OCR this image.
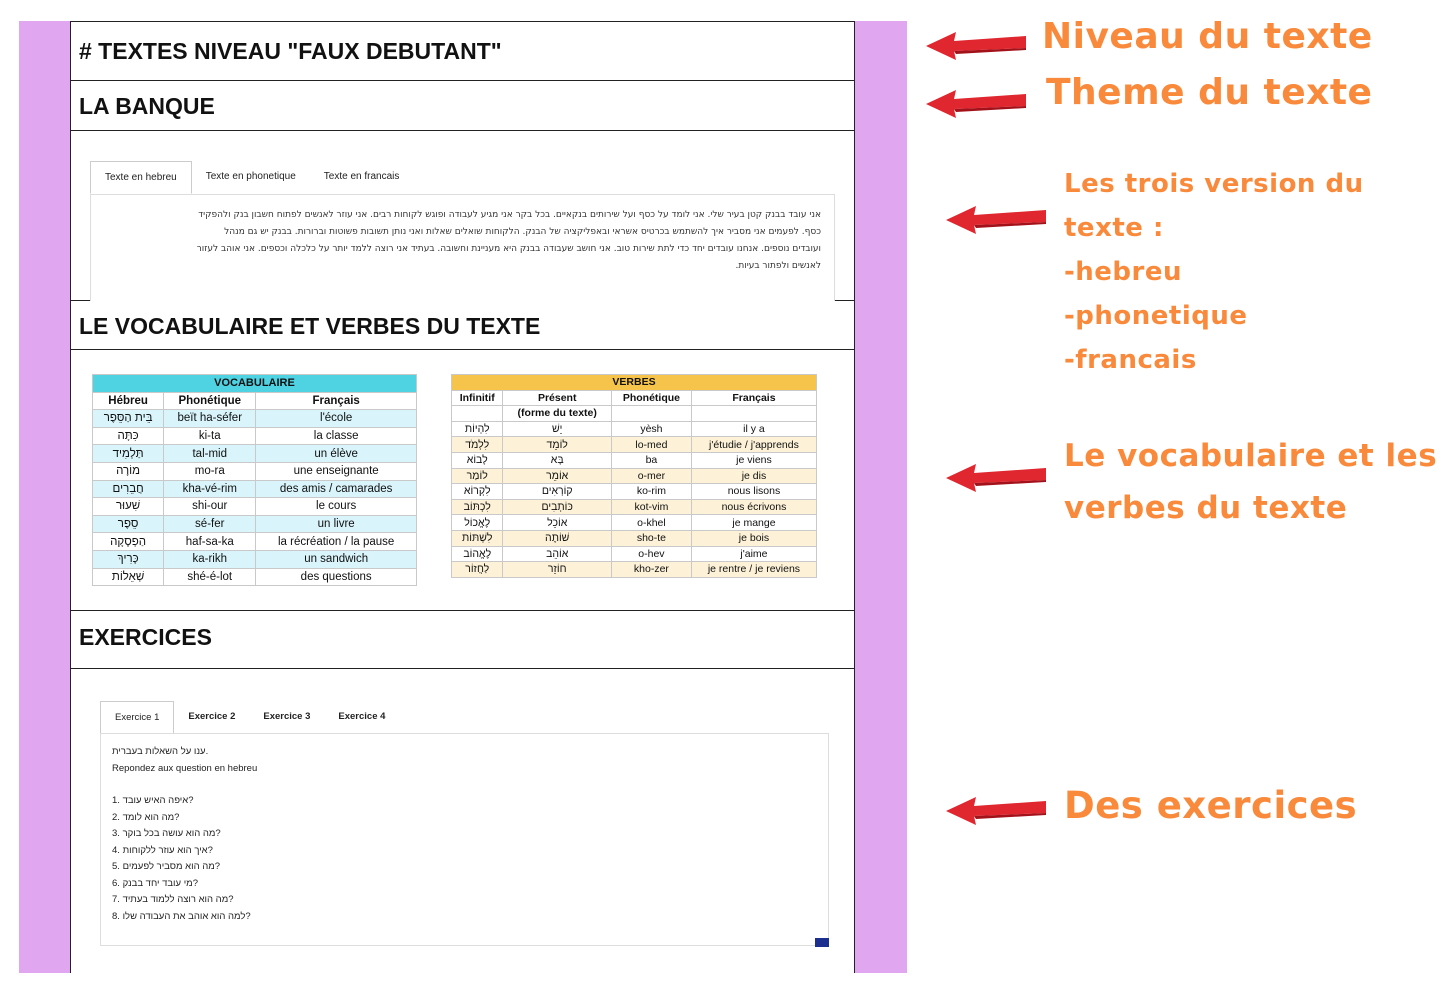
# TEXTES NIVEAU "FAUX DEBUTANT"
LA BANQUE
Texte en hebreu	Texte en phonetique	Texte en francais
אני עובד בבנק קטן בעיר שלי. אני לומד על כסף ועל שירותים בנקאיים. בכל בקר אני מגיע לעבודה ופוגש לקוחות רבים. אני עוזר לאנשים לפתוח חשבון בנק ולהפקיד
כסף. לפעמים אני מסביר איך להשתמש בכרטיס אשראי ובאפליקציה של הבנק. הלקוחות שואלים שאלות ואני נותן תשובות פשוטות וברורות. בבנק יש גם מנהל
ועובדים נוספים. אנחנו עובדים יחד כדי לתת שירות טוב. אני חושב שעבודה בבנק היא מעניינת וחשובה. בעתיד אני רוצה ללמד יותר על כלכלה וכספים. אני אוהב לעזור
לאנשים ולפתור בעיות.
LE VOCABULAIRE ET VERBES DU TEXTE
VOCABULAIRE		
Hébreu	Phonétique	Français
בֵּית הַסֵּפֶר	beït ha-séfer	l'école
כִּתָּה	ki-ta	la classe
תַּלְמִיד	tal-mid	un élève
מוֹרָה	mo-ra	une enseignante
חֲבֵרִים	kha-vé-rim	des amis / camarades
שִׁעוּר	shi-our	le cours
סֵפֶר	sé-fer	un livre
הַפְסָקָה	haf-sa-ka	la récréation / la pause
כָּרִיךְ	ka-rikh	un sandwich
שְׁאֵלוֹת	shé-é-lot	des questions
VERBES			
Infinitif	Présent	Phonétique	Français
	(forme du texte)		
לִהְיוֹת	יֵשׁ	yèsh	il y a
לִלְמֹד	לוֹמֵד	lo-med	j'étudie / j'apprends
לָבוֹא	בָּא	ba	je viens
לוֹמַר	אוֹמֵר	o-mer	je dis
לִקְרוֹא	קוֹרְאִים	ko-rim	nous lisons
לִכְתּוֹב	כּוֹתְבִים	kot-vim	nous écrivons
לֶאֱכוֹל	אוֹכֵל	o-khel	je mange
לִשְׁתּוֹת	שׁוֹתֶה	sho-te	je bois
לֶאֱהוֹב	אוֹהֵב	o-hev	j'aime
לַחֲזוֹר	חוֹזֵר	kho-zer	je rentre / je reviens
EXERCICES
Exercice 1	Exercice 2	Exercice 3	Exercice 4
ענו על השאלות בעברית.
Repondez aux question en hebreu
1. איפה האיש עובד?
2. מה הוא לומד?
3. מה הוא עושה בכל בוקר?
4. איך הוא עוזר ללקוחות?
5. מה הוא מסביר לפעמים?
6. מי עובד יחד בבנק?
7. מה הוא רוצה ללמוד בעתיד?
8. למה הוא אוהב את העבודה שלו?
Niveau du texte
Theme du texte
Les trois version du
texte :
-hebreu
-phonetique
-francais
Le vocabulaire et les
verbes du texte
Des exercices
